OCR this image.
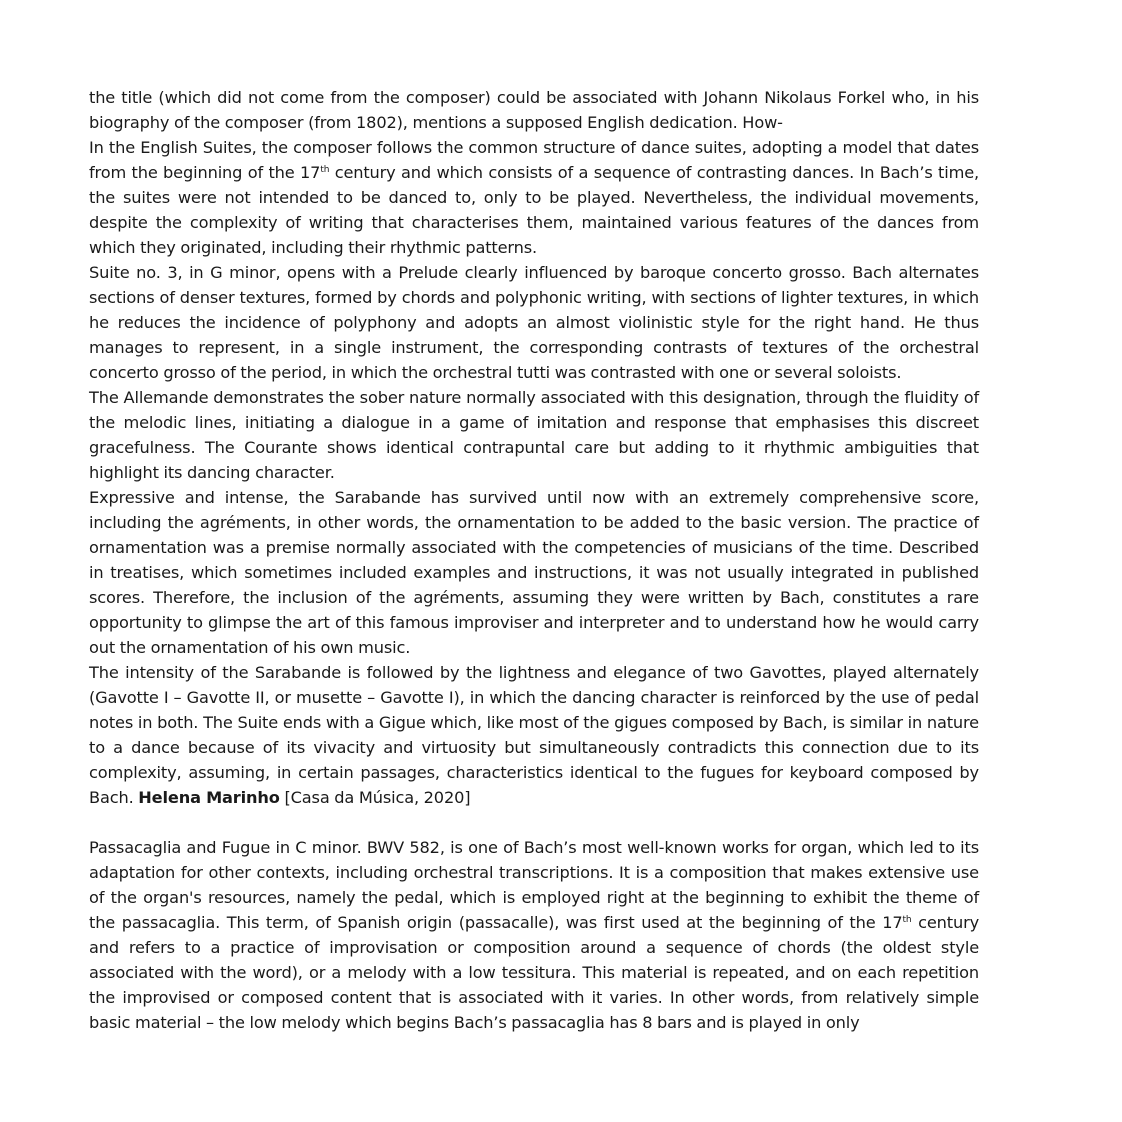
the title (which did not come from the composer) could be associated with Johann Nikolaus Forkel who, in his biography of the composer (from 1802), mentions a supposed English dedication. How-

In the English Suites, the composer follows the common structure of dance suites, adopting a model that dates from the beginning of the 17th century and which consists of a sequence of contrasting dances. In Bach’s time, the suites were not intended to be danced to, only to be played. Nevertheless, the individual movements, despite the complexity of writing that characterises them, maintained various features of the dances from which they originated, including their rhythmic patterns.

Suite no. 3, in G minor, opens with a Prelude clearly influenced by baroque concerto grosso. Bach alternates sections of denser textures, formed by chords and polyphonic writing, with sections of lighter textures, in which he reduces the incidence of polyphony and adopts an almost violinistic style for the right hand. He thus manages to represent, in a single instrument, the corresponding contrasts of textures of the orchestral concerto grosso of the period, in which the orchestral tutti was contrasted with one or several soloists.

The Allemande demonstrates the sober nature normally associated with this designation, through the fluidity of the melodic lines, initiating a dialogue in a game of imitation and response that emphasises this discreet gracefulness. The Courante shows identical contrapuntal care but adding to it rhythmic ambiguities that highlight its dancing character.

Expressive and intense, the Sarabande has survived until now with an extremely comprehensive score, including the agréments, in other words, the ornamentation to be added to the basic version. The practice of ornamentation was a premise normally associated with the competencies of musicians of the time. Described in treatises, which sometimes included examples and instructions, it was not usually integrated in published scores. Therefore, the inclusion of the agréments, assuming they were written by Bach, constitutes a rare opportunity to glimpse the art of this famous improviser and interpreter and to understand how he would carry out the ornamentation of his own music.

The intensity of the Sarabande is followed by the lightness and elegance of two Gavottes, played alternately (Gavotte I – Gavotte II, or musette – Gavotte I), in which the dancing character is reinforced by the use of pedal notes in both. The Suite ends with a Gigue which, like most of the gigues composed by Bach, is similar in nature to a dance because of its vivacity and virtuosity but simultaneously contradicts this connection due to its complexity, assuming, in certain passages, characteristics identical to the fugues for keyboard composed by Bach. Helena Marinho [Casa da Música, 2020]

Passacaglia and Fugue in C minor. BWV 582, is one of Bach’s most well-known works for organ, which led to its adaptation for other contexts, including orchestral transcriptions. It is a composition that makes extensive use of the organ's resources, namely the pedal, which is employed right at the beginning to exhibit the theme of the passacaglia. This term, of Spanish origin (passacalle), was first used at the beginning of the 17th century and refers to a practice of improvisation or composition around a sequence of chords (the oldest style associated with the word), or a melody with a low tessitura. This material is repeated, and on each repetition the improvised or composed content that is associated with it varies. In other words, from relatively simple basic material – the low melody which begins Bach’s passacaglia has 8 bars and is played in only
